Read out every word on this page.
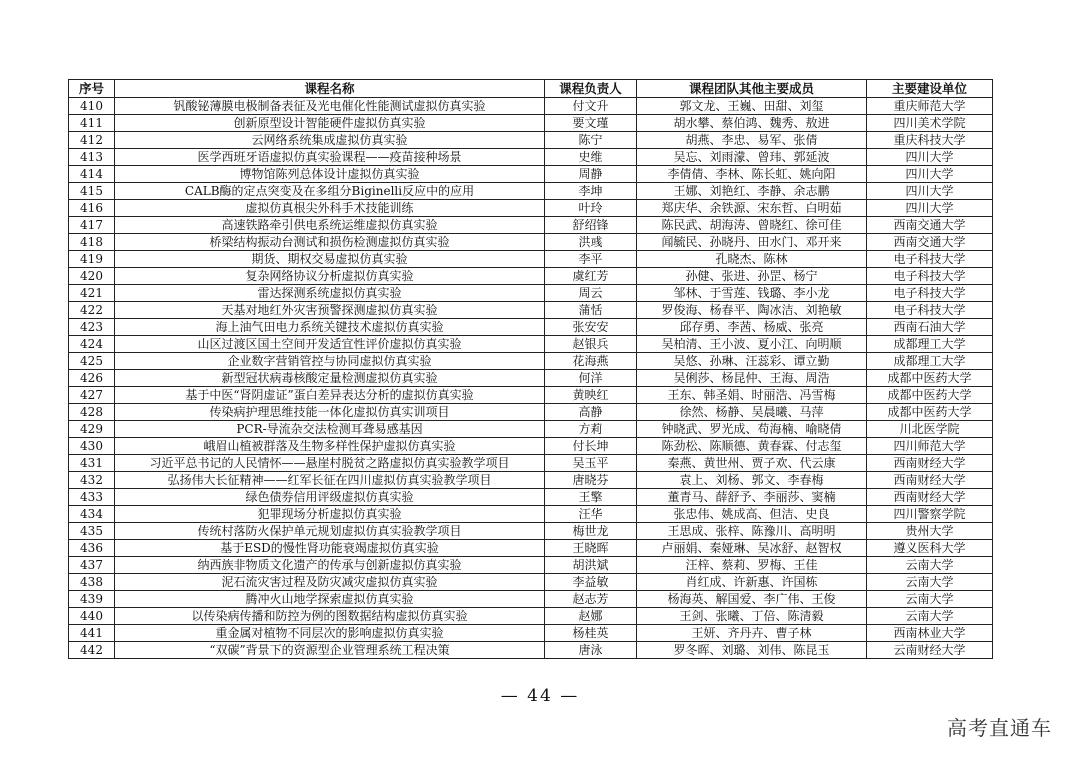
序号	课程名称	课程负责人	课程团队其他主要成员	主要建设单位
410	钒酸铋薄膜电极制备表征及光电催化性能测试虚拟仿真实验	付文升	郭文龙、王巍、田甜、刘玺	重庆师范大学
411	创新原型设计智能硬件虚拟仿真实验	要文瑾	胡水攀、蔡伯鸿、魏秀、敖进	四川美术学院
412	云网络系统集成虚拟仿真实验	陈宁	胡燕、李忠、易军、张倩	重庆科技大学
413	医学西班牙语虚拟仿真实验课程——疫苗接种场景	史维	吴忘、刘雨濛、曾玮、郭延波	四川大学
414	博物馆陈列总体设计虚拟仿真实验	周静	李倩倩、李林、陈长虹、姚向阳	四川大学
415	CALB酶的定点突变及在多组分Biginelli反应中的应用	李坤	王娜、刘艳红、李静、余志鹏	四川大学
416	虚拟仿真根尖外科手术技能训练	叶玲	郑庆华、余铁源、宋东哲、白明茹	四川大学
417	高速铁路牵引供电系统运维虚拟仿真实验	舒绍锋	陈民武、胡海涛、曾晓红、徐可佳	西南交通大学
418	桥梁结构振动台测试和损伤检测虚拟仿真实验	洪彧	闻毓民、孙晓丹、田水门、邓开来	西南交通大学
419	期货、期权交易虚拟仿真实验	李平	孔晓杰、陈林	电子科技大学
420	复杂网络协议分析虚拟仿真实验	虞红芳	孙健、张进、孙罡、杨宁	电子科技大学
421	雷达探测系统虚拟仿真实验	周云	邹林、于雪莲、钱璐、李小龙	电子科技大学
422	天基对地红外灾害预警探测虚拟仿真实验	蒲恬	罗俊海、杨春平、陶冰洁、刘艳敏	电子科技大学
423	海上油气田电力系统关键技术虚拟仿真实验	张安安	邱存勇、李茜、杨威、张亮	西南石油大学
424	山区过渡区国土空间开发适宜性评价虚拟仿真实验	赵银兵	吴柏清、王小波、夏小江、向明顺	成都理工大学
425	企业数字营销管控与协同虚拟仿真实验	花海燕	吴悠、孙琳、汪蕊彩、谭立勤	成都理工大学
426	新型冠状病毒核酸定量检测虚拟仿真实验	何洋	吴俐莎、杨昆仲、王海、周浩	成都中医药大学
427	基于中医“肾阴虚证”蛋白差异表达分析的虚拟仿真实验	黄映红	王东、韩圣娟、时丽浩、冯雪梅	成都中医药大学
428	传染病护理思维技能一体化虚拟仿真实训项目	高静	徐然、杨静、吴晨曦、马萍	成都中医药大学
429	PCR-导流杂交法检测耳聋易感基因	方莉	钟晓武、罗光成、苟海楠、喻晓倩	川北医学院
430	峨眉山植被群落及生物多样性保护虚拟仿真实验	付长坤	陈劲松、陈顺德、黄春霖、付志玺	四川师范大学
431	习近平总书记的人民情怀——悬崖村脱贫之路虚拟仿真实验教学项目	吴玉平	秦燕、黄世州、贾子欢、代云康	西南财经大学
432	弘扬伟大长征精神——红军长征在四川虚拟仿真实验教学项目	唐晓芬	袁上、刘杨、郭文、李春梅	西南财经大学
433	绿色债券信用评级虚拟仿真实验	王擎	董青马、薛舒予、李丽莎、窦楠	西南财经大学
434	犯罪现场分析虚拟仿真实验	汪华	张忠伟、姚成高、但洁、史良	四川警察学院
435	传统村落防火保护单元规划虚拟仿真实验教学项目	梅世龙	王思成、张梓、陈豫川、高明明	贵州大学
436	基于ESD的慢性肾功能衰竭虚拟仿真实验	王晓晖	卢丽娟、秦娅琳、吴冰舒、赵智权	遵义医科大学
437	纳西族非物质文化遗产的传承与创新虚拟仿真实验	胡洪斌	汪梓、蔡莉、罗梅、王佳	云南大学
438	泥石流灾害过程及防灾减灾虚拟仿真实验	李益敏	肖红成、许新惠、许国栋	云南大学
439	腾冲火山地学探索虚拟仿真实验	赵志芳	杨海英、解国爱、李广伟、王俊	云南大学
440	以传染病传播和防控为例的图数据结构虚拟仿真实验	赵娜	王剑、张曦、丁倍、陈清毅	云南大学
441	重金属对植物不同层次的影响虚拟仿真实验	杨桂英	王妍、齐丹卉、曹子林	西南林业大学
442	“双碳”背景下的资源型企业管理系统工程决策	唐泳	罗冬晖、刘璐、刘伟、陈昆玉	云南财经大学
— 44 —
高考直通车
